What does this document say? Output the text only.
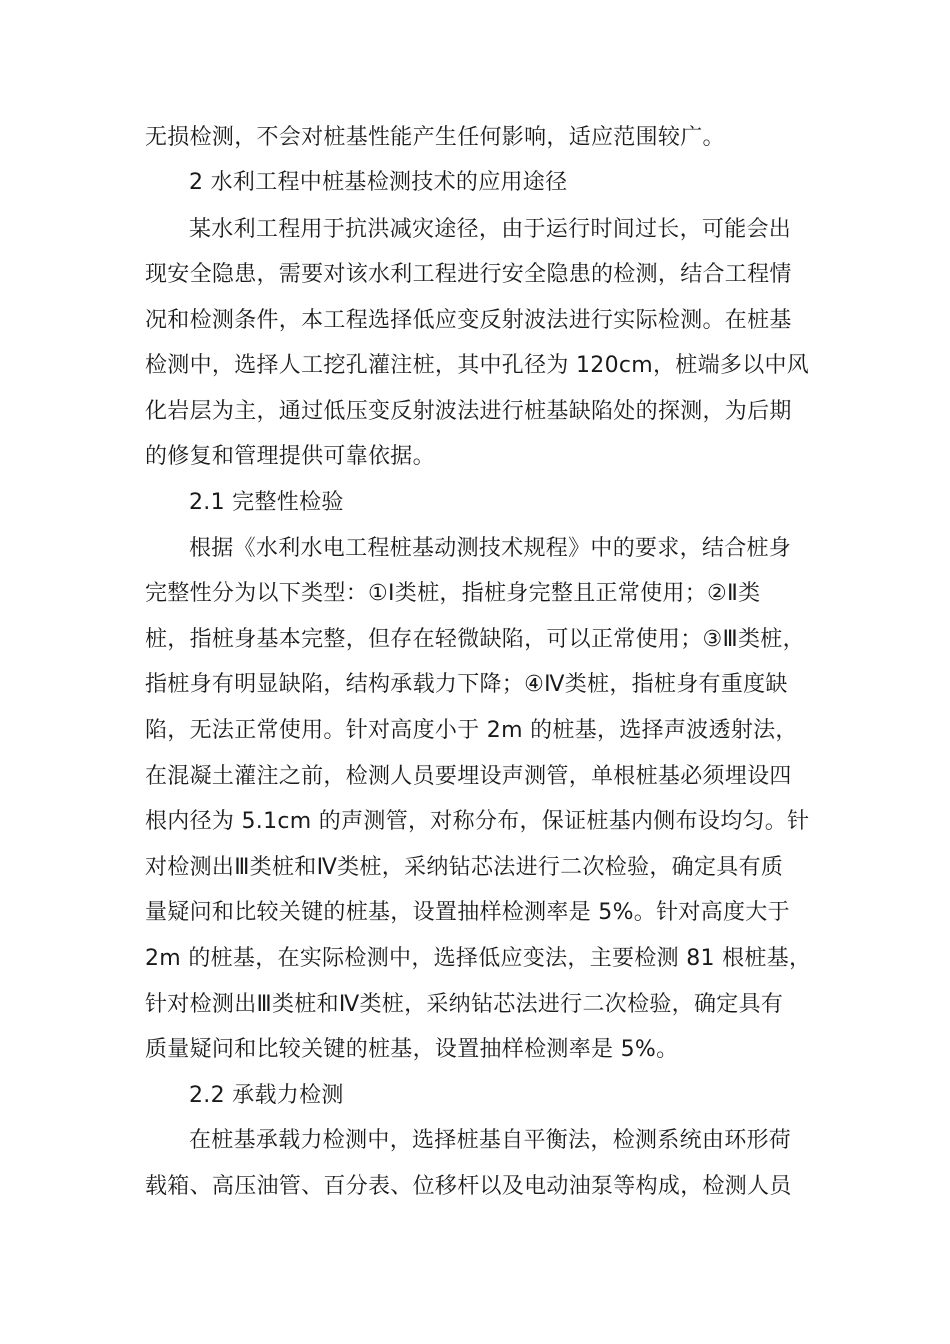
无损检测，不会对桩基性能产生任何影响，适应范围较广。
2 水利工程中桩基检测技术的应用途径
某水利工程用于抗洪减灾途径，由于运行时间过长，可能会出
现安全隐患，需要对该水利工程进行安全隐患的检测，结合工程情
况和检测条件，本工程选择低应变反射波法进行实际检测。在桩基
检测中，选择人工挖孔灌注桩，其中孔径为 120cm，桩端多以中风
化岩层为主，通过低压变反射波法进行桩基缺陷处的探测，为后期
的修复和管理提供可靠依据。
2.1 完整性检验
根据《水利水电工程桩基动测技术规程》中的要求，结合桩身
完整性分为以下类型：①Ⅰ类桩，指桩身完整且正常使用；②Ⅱ类
桩，指桩身基本完整，但存在轻微缺陷，可以正常使用；③Ⅲ类桩，
指桩身有明显缺陷，结构承载力下降；④Ⅳ类桩，指桩身有重度缺
陷，无法正常使用。针对高度小于 2m 的桩基，选择声波透射法，
在混凝土灌注之前，检测人员要埋设声测管，单根桩基必须埋设四
根内径为 5.1cm 的声测管，对称分布，保证桩基内侧布设均匀。针
对检测出Ⅲ类桩和Ⅳ类桩，采纳钻芯法进行二次检验，确定具有质
量疑问和比较关键的桩基，设置抽样检测率是 5%。针对高度大于
2m 的桩基，在实际检测中，选择低应变法，主要检测 81 根桩基，
针对检测出Ⅲ类桩和Ⅳ类桩，采纳钻芯法进行二次检验，确定具有
质量疑问和比较关键的桩基，设置抽样检测率是 5%。
2.2 承载力检测
在桩基承载力检测中，选择桩基自平衡法，检测系统由环形荷
载箱、高压油管、百分表、位移杆以及电动油泵等构成，检测人员
